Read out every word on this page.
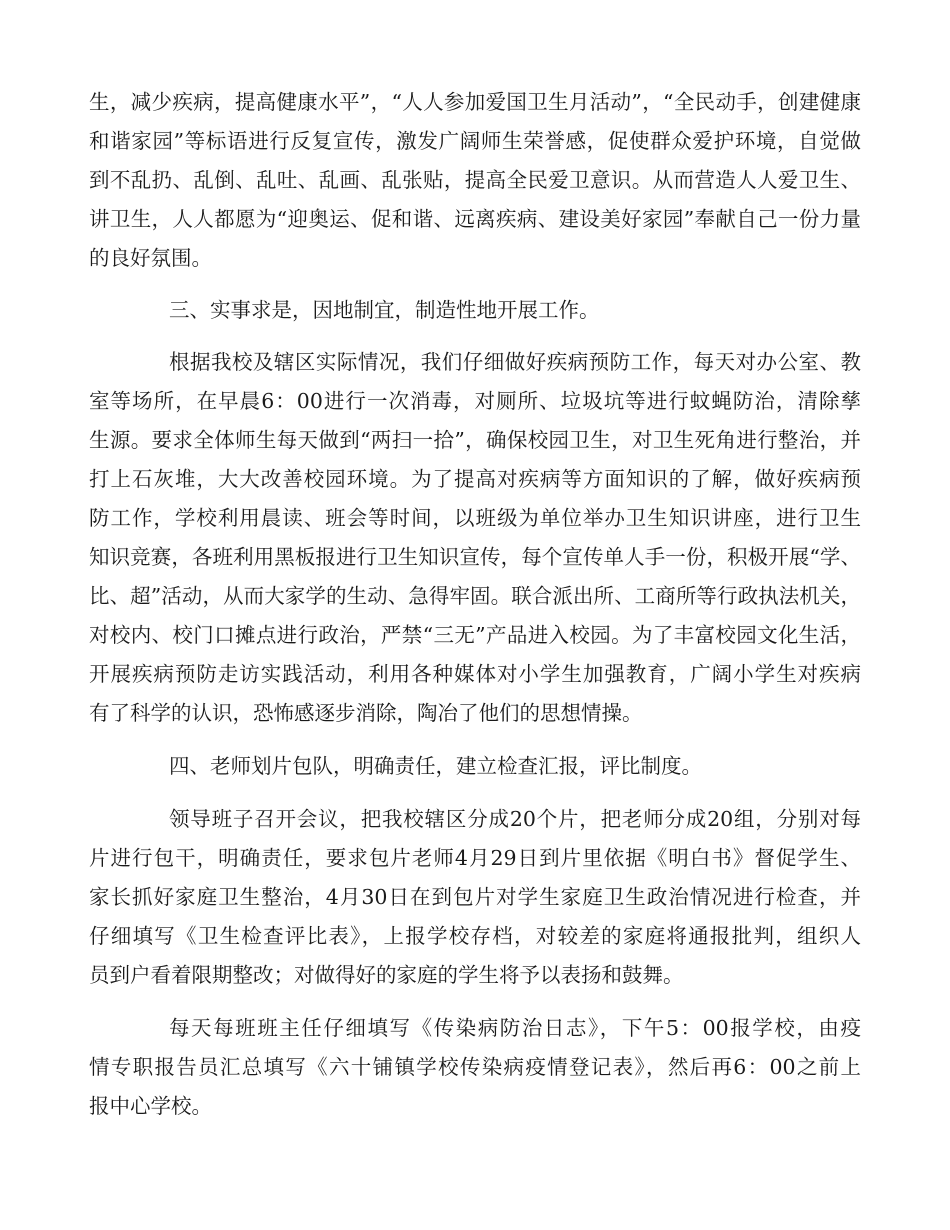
生，减少疾病，提高健康水平”，“人人参加爱国卫生月活动”，“全民动手，创建健康
和谐家园”等标语进行反复宣传，激发广阔师生荣誉感，促使群众爱护环境，自觉做
到不乱扔、乱倒、乱吐、乱画、乱张贴，提高全民爱卫意识。从而营造人人爱卫生、
讲卫生，人人都愿为“迎奥运、促和谐、远离疾病、建设美好家园”奉献自己一份力量
的良好氛围。
三、实事求是，因地制宜，制造性地开展工作。
根据我校及辖区实际情况，我们仔细做好疾病预防工作，每天对办公室、教
室等场所，在早晨6：00进行一次消毒，对厕所、垃圾坑等进行蚊蝇防治，清除孳
生源。要求全体师生每天做到“两扫一拾”，确保校园卫生，对卫生死角进行整治，并
打上石灰堆，大大改善校园环境。为了提高对疾病等方面知识的了解，做好疾病预
防工作，学校利用晨读、班会等时间，以班级为单位举办卫生知识讲座，进行卫生
知识竞赛，各班利用黑板报进行卫生知识宣传，每个宣传单人手一份，积极开展“学、
比、超”活动，从而大家学的生动、急得牢固。联合派出所、工商所等行政执法机关，
对校内、校门口摊点进行政治，严禁“三无”产品进入校园。为了丰富校园文化生活，
开展疾病预防走访实践活动，利用各种媒体对小学生加强教育，广阔小学生对疾病
有了科学的认识，恐怖感逐步消除，陶冶了他们的思想情操。
四、老师划片包队，明确责任，建立检查汇报，评比制度。
领导班子召开会议，把我校辖区分成20个片，把老师分成20组，分别对每
片进行包干，明确责任，要求包片老师4月29日到片里依据《明白书》督促学生、
家长抓好家庭卫生整治，4月30日在到包片对学生家庭卫生政治情况进行检查，并
仔细填写《卫生检查评比表》，上报学校存档，对较差的家庭将通报批判，组织人
员到户看着限期整改；对做得好的家庭的学生将予以表扬和鼓舞。
每天每班班主任仔细填写《传染病防治日志》，下午5：00报学校，由疫
情专职报告员汇总填写《六十铺镇学校传染病疫情登记表》，然后再6：00之前上
报中心学校。
